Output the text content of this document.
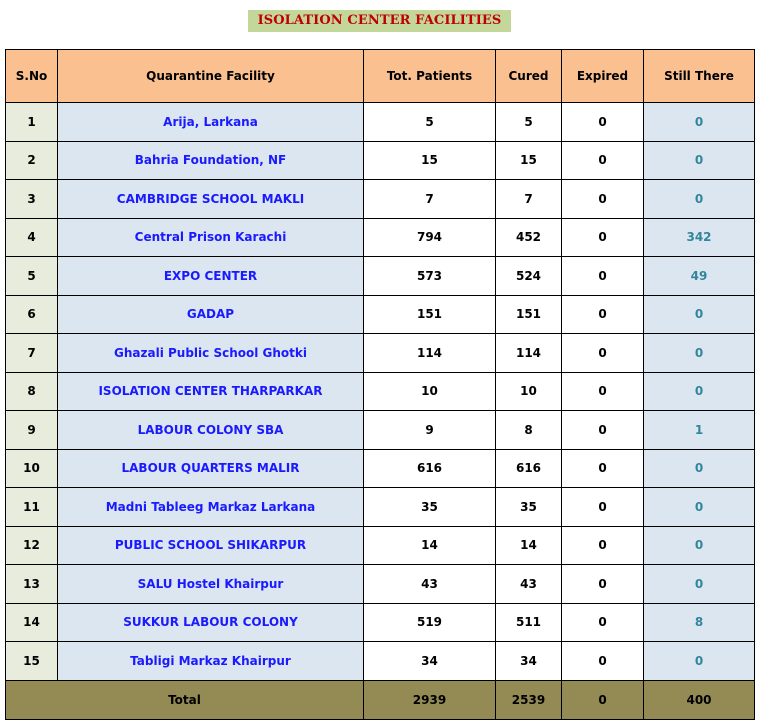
ISOLATION CENTER FACILITIES
S.No	Quarantine Facility	Tot. Patients	Cured	Expired	Still There
1	Arija, Larkana	5	5	0	0
2	Bahria Foundation, NF	15	15	0	0
3	CAMBRIDGE SCHOOL MAKLI	7	7	0	0
4	Central Prison Karachi	794	452	0	342
5	EXPO CENTER	573	524	0	49
6	GADAP	151	151	0	0
7	Ghazali Public School Ghotki	114	114	0	0
8	ISOLATION CENTER THARPARKAR	10	10	0	0
9	LABOUR COLONY SBA	9	8	0	1
10	LABOUR QUARTERS MALIR	616	616	0	0
11	Madni Tableeg Markaz Larkana	35	35	0	0
12	PUBLIC SCHOOL SHIKARPUR	14	14	0	0
13	SALU Hostel Khairpur	43	43	0	0
14	SUKKUR LABOUR COLONY	519	511	0	8
15	Tabligi Markaz Khairpur	34	34	0	0
Total		2939	2539	0	400
